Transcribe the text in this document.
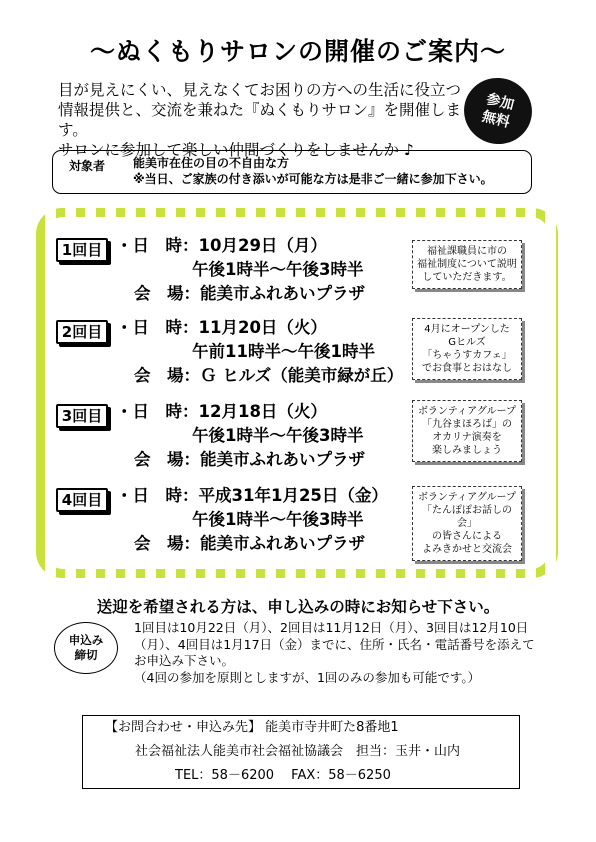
～ぬくもりサロンの開催のご案内～
目が見えにくい、見えなくてお困りの方への生活に役立つ
情報提供と、交流を兼ねた『ぬくもりサロン』を開催します。
サロンに参加して楽しい仲間づくりをしませんか ♪
参加
無料
対象者 能美市在住の目の不自由な方
※当日、ご家族の付き添いが可能な方は是非ご一緒に参加下さい。
1回目 ・日　時：10月29日（月）
午後1時半～午後3時半
会　場：能美市ふれあいプラザ
福祉課職員に市の
福祉制度について説明
していただきます。
2回目 ・日　時：11月20日（火）
午前11時半～午後1時半
会　場：Ｇ ヒルズ（能美市緑が丘）
4月にオープンした
Gヒルズ
「ちゃうすカフェ」
でお食事とおはなし
3回目 ・日　時：12月18日（火）
午後1時半～午後3時半
会　場：能美市ふれあいプラザ
ボランティアグループ
「九谷まほろば」の
オカリナ演奏を
楽しみましょう
4回目 ・日　時：平成31年1月25日（金）
午後1時半～午後3時半
会　場：能美市ふれあいプラザ
ボランティアグループ
「たんぽぽお話しの会」
の皆さんによる
よみきかせと交流会
送迎を希望される方は、申し込みの時にお知らせ下さい。
申込み
締切
1回目は10月22日（月）、2回目は11月12日（月）、3回目は12月10日
（月）、4回目は1月17日（金）までに、住所・氏名・電話番号を添えて
お申込み下さい。
（4回の参加を原則としますが、1回のみの参加も可能です。）
【お問合わせ・申込み先】 能美市寺井町た8番地1
社会福祉法人能美市社会福祉協議会　担当：玉井・山内
TEL：58－6200　 FAX：58－6250
